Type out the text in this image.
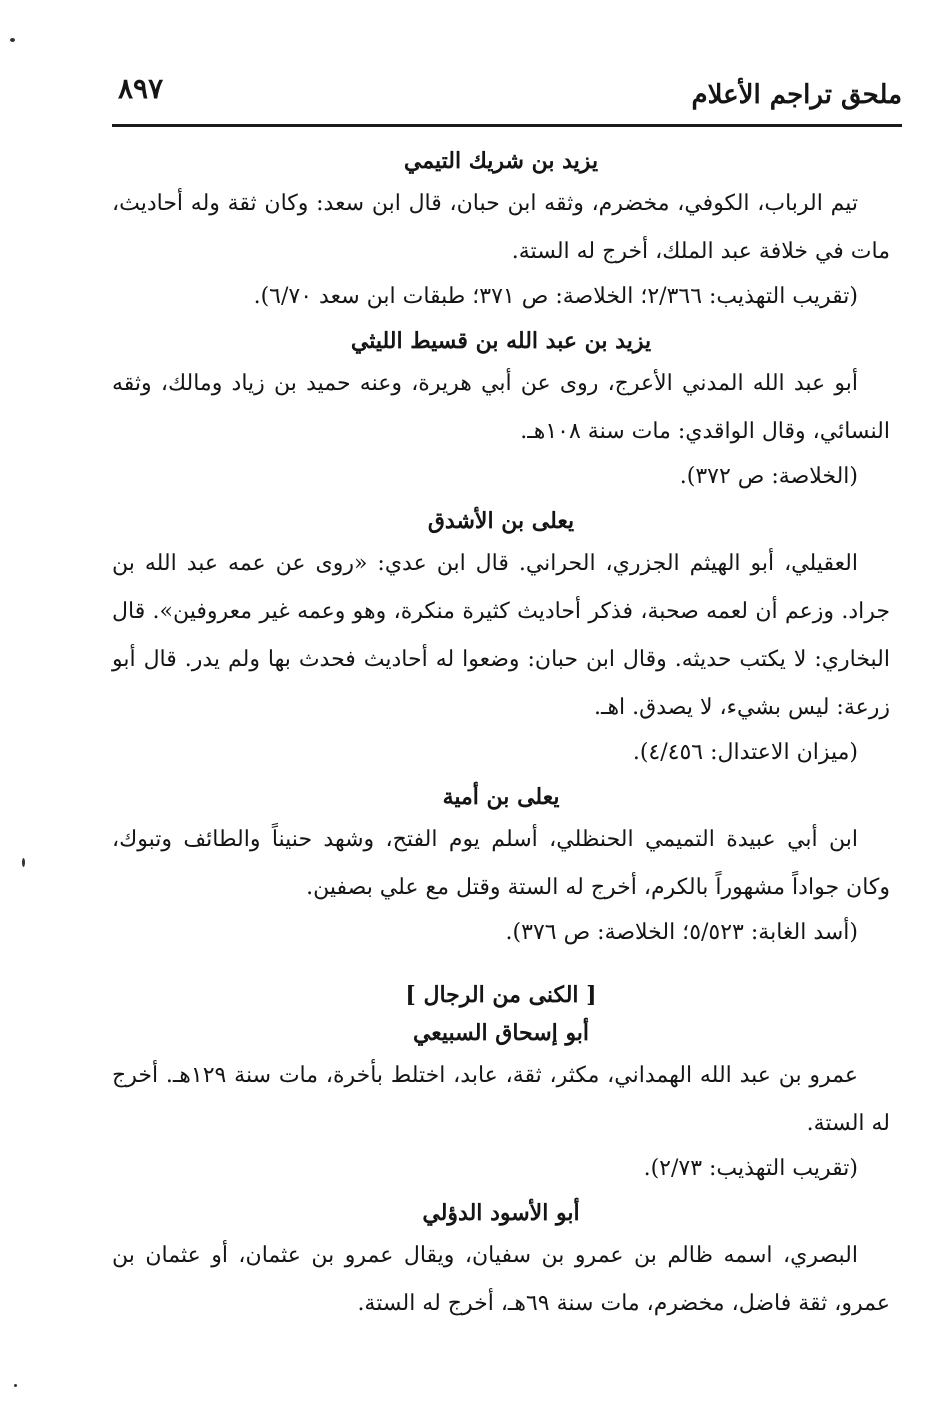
ملحق تراجم الأعلام
٨٩٧
يزيد بن شريك التيمي

تيم الرباب، الكوفي، مخضرم، وثقه ابن حبان، قال ابن سعد: وكان ثقة وله أحاديث، مات في خلافة عبد الملك، أخرج له الستة.

(تقريب التهذيب: ٢/٣٦٦؛ الخلاصة: ص ٣٧١؛ طبقات ابن سعد ٦/٧٠).

يزيد بن عبد الله بن قسيط الليثي

أبو عبد الله المدني الأعرج، روى عن أبي هريرة، وعنه حميد بن زياد ومالك، وثقه النسائي، وقال الواقدي: مات سنة ١٠٨هـ.

(الخلاصة: ص ٣٧٢).

يعلى بن الأشدق

العقيلي، أبو الهيثم الجزري، الحراني. قال ابن عدي: «روى عن عمه عبد الله بن جراد. وزعم أن لعمه صحبة، فذكر أحاديث كثيرة منكرة، وهو وعمه غير معروفين». قال البخاري: لا يكتب حديثه. وقال ابن حبان: وضعوا له أحاديث فحدث بها ولم يدر. قال أبو زرعة: ليس بشيء، لا يصدق. اهـ.

(ميزان الاعتدال: ٤/٤٥٦).

يعلى بن أمية

ابن أبي عبيدة التميمي الحنظلي، أسلم يوم الفتح، وشهد حنيناً والطائف وتبوك، وكان جواداً مشهوراً بالكرم، أخرج له الستة وقتل مع علي بصفين.

(أسد الغابة: ٥/٥٢٣؛ الخلاصة: ص ٣٧٦).

[ الكنى من الرجال ]
أبو إسحاق السبيعي

عمرو بن عبد الله الهمداني، مكثر، ثقة، عابد، اختلط بأخرة، مات سنة ١٢٩هـ. أخرج له الستة.

(تقريب التهذيب: ٢/٧٣).

أبو الأسود الدؤلي

البصري، اسمه ظالم بن عمرو بن سفيان، ويقال عمرو بن عثمان، أو عثمان بن عمرو، ثقة فاضل، مخضرم، مات سنة ٦٩هـ، أخرج له الستة.
